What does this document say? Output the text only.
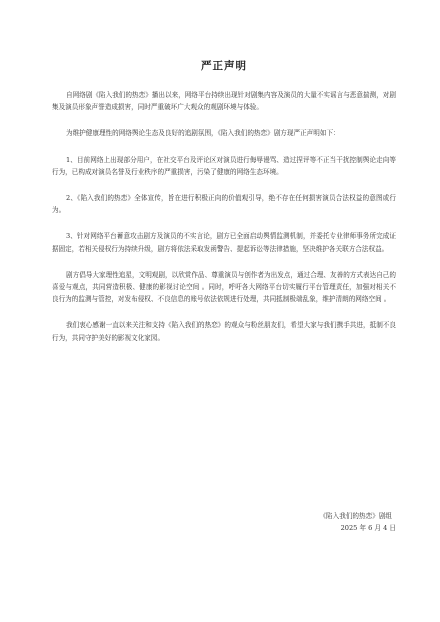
严正声明

自网络剧《陷入我们的热恋》播出以来，网络平台持续出现针对剧集内容及演员的大量不实谣言与恶意揣测，对剧集及演员形象声誉造成损害，同时严重破坏广大观众的观剧环境与体验。

为维护健康理性的网络舆论生态及良好的追剧氛围，《陷入我们的热恋》剧方现严正声明如下：

1、目前网络上出现部分用户，在社交平台及评论区对演员进行侮辱谩骂、造过捏评等不正当干扰控制舆论走向等行为，已构成对演员名誉及行业秩序的严重损害，污染了健康的网络生态环境。

2、《陷入我们的热恋》全体宣传，旨在进行积极正向的价值观引导，绝不存在任何损害演员合法权益的意图或行为。

3、针对网络平台蓄意攻击剧方及演员的不实言论，剧方已全面启动舆情监测机制，并委托专业律师事务所完成证据固定，若相关侵权行为持续升级，剧方将依法采取发函警告、提起诉讼等法律措施，坚决维护各关联方合法权益。

剧方倡导大家理性追星，文明观剧，以欣赏作品、尊重演员与创作者为出发点，通过合理、友善的方式表达自己的喜爱与观点，共同营造积极、健康的影视讨论空间 。同时，呼吁各大网络平台切实履行平台管理责任，加强对相关不良行为的监测与管控，对发布侵权、不良信息的账号依法依规进行处理，共同抵制极端乱象，维护清朗的网络空间 。

我们衷心感谢一直以来关注和支持《陷入我们的热恋》的观众与粉丝朋友们，希望大家与我们携手共进，抵制不良行为，共同守护美好的影视文化家园。

《陷入我们的热恋》剧组
2025 年 6 月 4 日
